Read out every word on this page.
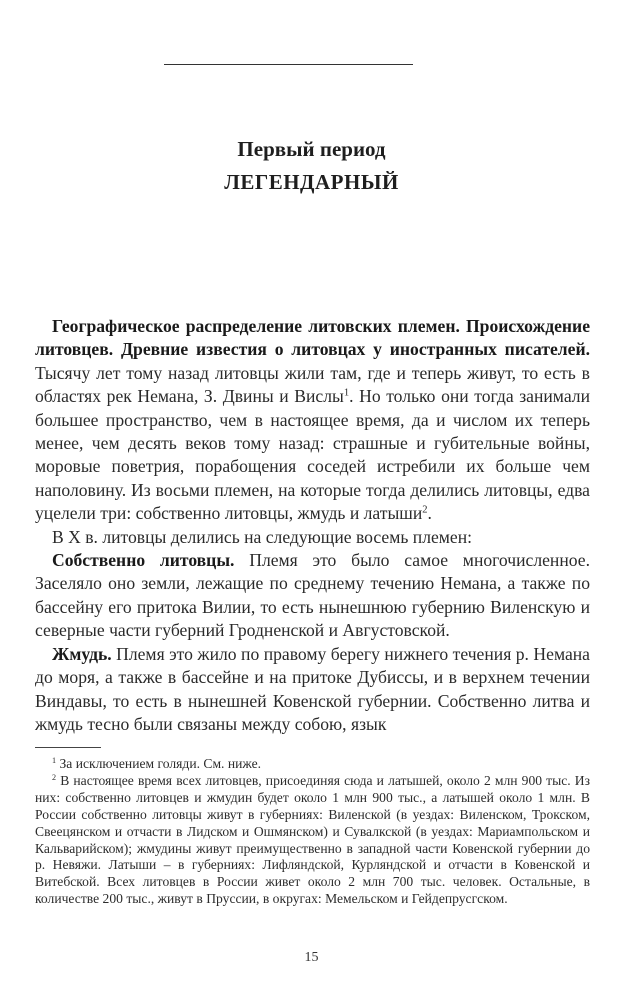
Первый период
ЛЕГЕНДАРНЫЙ

Географическое распределение литовских племен. Происхождение литовцев. Древние известия о литовцах у иностранных писателей. Тысячу лет тому назад литовцы жили там, где и теперь живут, то есть в областях рек Немана, З. Двины и Вислы$^1$. Но только они тогда занимали большее пространство, чем в настоящее время, да и числом их теперь менее, чем десять веков тому назад: страшные и губительные войны, моровые поветрия, порабощения соседей истребили их больше чем наполовину. Из восьми племен, на которые тогда делились литовцы, едва уцелели три: собственно литовцы, жмудь и латыши$^2$.

В X в. литовцы делились на следующие восемь племен:

Собственно литовцы. Племя это было самое многочисленное. Заселяло оно земли, лежащие по среднему течению Немана, а также по бассейну его притока Вилии, то есть нынешнюю губернию Виленскую и северные части губерний Гродненской и Августовской.

Жмудь. Племя это жило по правому берегу нижнего течения р. Немана до моря, а также в бассейне и на притоке Дубиссы, и в верхнем течении Виндавы, то есть в нынешней Ковенской губернии. Собственно литва и жмудь тесно были связаны между собою, язык

$^1$ За исключением голяди. См. ниже.

$^2$ В настоящее время всех литовцев, присоединяя сюда и латышей, около 2 млн 900 тыс. Из них: собственно литовцев и жмудин будет около 1 млн 900 тыс., а латышей около 1 млн. В России собственно литовцы живут в губерниях: Виленской (в уездах: Виленском, Трокском, Свеецянском и отчасти в Лидском и Ошмянском) и Сувалкской (в уездах: Мариампольском и Кальварийском); жмудины живут преимущественно в западной части Ковенской губернии до р. Невяжи. Латыши – в губерниях: Лифляндской, Курляндской и отчасти в Ковенской и Витебской. Всех литовцев в России живет около 2 млн 700 тыс. человек. Остальные, в количестве 200 тыс., живут в Пруссии, в округах: Мемельском и Гейдепрусгском.

15
